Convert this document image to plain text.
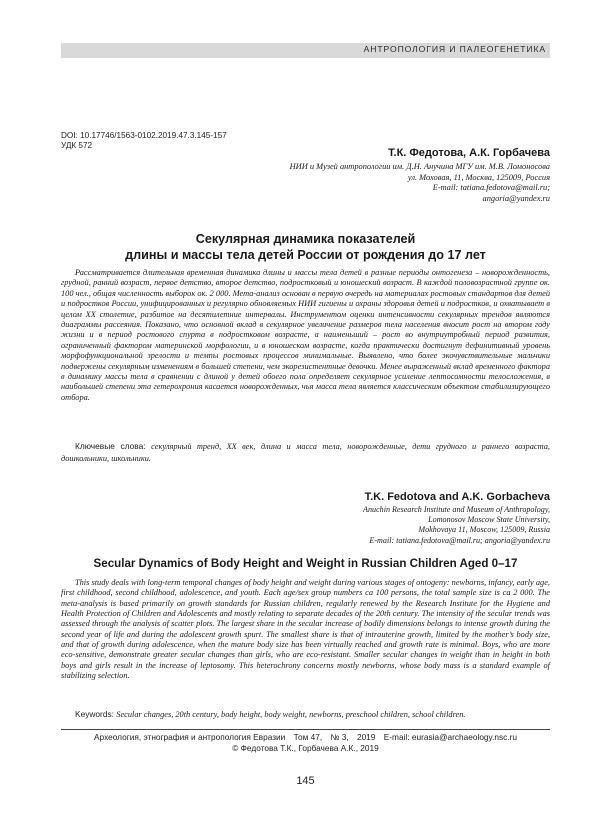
АНТРОПОЛОГИЯ И ПАЛЕОГЕНЕТИКА
DOI: 10.17746/1563-0102.2019.47.3.145-157
УДК 572
Т.К. Федотова, А.К. Горбачева
НИИ и Музей антропологии им. Д.Н. Анучина МГУ им. М.В. Ломоносова
ул. Моховая, 11, Москва, 125009, Россия
E-mail: tatiana.fedotova@mail.ru;
angoria@yandex.ru
Секулярная динамика показателей
длины и массы тела детей России от рождения до 17 лет

Рассматривается длительная временная динамика длины и массы тела детей в разные периоды онтогенеза – новорожденность, грудной, ранний возраст, первое детство, второе детство, подростковый и юношеский возраст. В каждой половозрастной группе ок. 100 чел., общая численность выборок ок. 2 000. Мета-анализ основан в первую очередь на материалах ростовых стандартов для детей и подростков России, унифицированных и регулярно обновляемых НИИ гигиены и охраны здоровья детей и подростков, и охватывает в целом ХХ столетие, разбитое на десятилетние интервалы. Инструментом оценки интенсивности секулярных трендов являются диаграммы рассеяния. Показано, что основной вклад в секулярное увеличение размеров тела населения вносит рост на втором году жизни и в период ростового спурта в подростковом возрасте, а наименьший – рост во внутриутробный период развития, ограниченный фактором материнской морфологии, и в юношеском возрасте, когда практически достигнут дефинитивный уровень морфофункциональной зрелости и темпы ростовых процессов минимальные. Выявлено, что более экочувствительные мальчики подвержены секулярным изменениям в большей степени, чем экорезистентные девочки. Менее выраженный вклад временного фактора в динамику массы тела в сравнении с длиной у детей обоего пола определяет секулярное усиление лептосомности телосложения, в наибольшей степени эта гетерохрония касается новорожденных, чья масса тела является классическим объектом стабилизирующего отбора.

Ключевые слова: секулярный тренд, ХХ век, длина и масса тела, новорожденные, дети грудного и раннего возраста, дошкольники, школьники.

T.K. Fedotova and A.K. Gorbacheva
Anuchin Research Institute and Museum of Anthropology,
Lomonosov Moscow State University,
Mokhovaya 11, Moscow, 125009, Russia
E-mail: tatiana.fedotova@mail.ru; angoria@yandex.ru
Secular Dynamics of Body Height and Weight in Russian Children Aged 0–17

This study deals with long-term temporal changes of body height and weight during various stages of ontogeny: newborns, infancy, early age, first childhood, second childhood, adolescence, and youth. Each age/sex group numbers ca 100 persons, the total sample size is ca 2 000. The meta-analysis is based primarily on growth standards for Russian children, regularly renewed by the Research Institute for the Hygiene and Health Protection of Children and Adolescents and mostly relating to separate decades of the 20th century. The intensity of the secular trends was assessed through the analysis of scatter plots. The largest share in the secular increase of bodily dimensions belongs to intense growth during the second year of life and during the adolescent growth spurt. The smallest share is that of intrauterine growth, limited by the mother’s body size, and that of growth during adolescence, when the mature body size has been virtually reached and growth rate is minimal. Boys, who are more eco-sensitive, demonstrate greater secular changes than girls, who are eco-resistant. Smaller secular changes in weight than in height in both boys and girls result in the increase of leptosomy. This heterochrony concerns mostly newborns, whose body mass is a standard example of stabilizing selection.

Keywords: Secular changes, 20th century, body height, body weight, newborns, preschool children, school children.

Археология, этнография и антропология Евразии Том 47, № 3, 2019 E-mail: eurasia@archaeology.nsc.ru
© Федотова Т.К., Горбачева А.К., 2019
145
